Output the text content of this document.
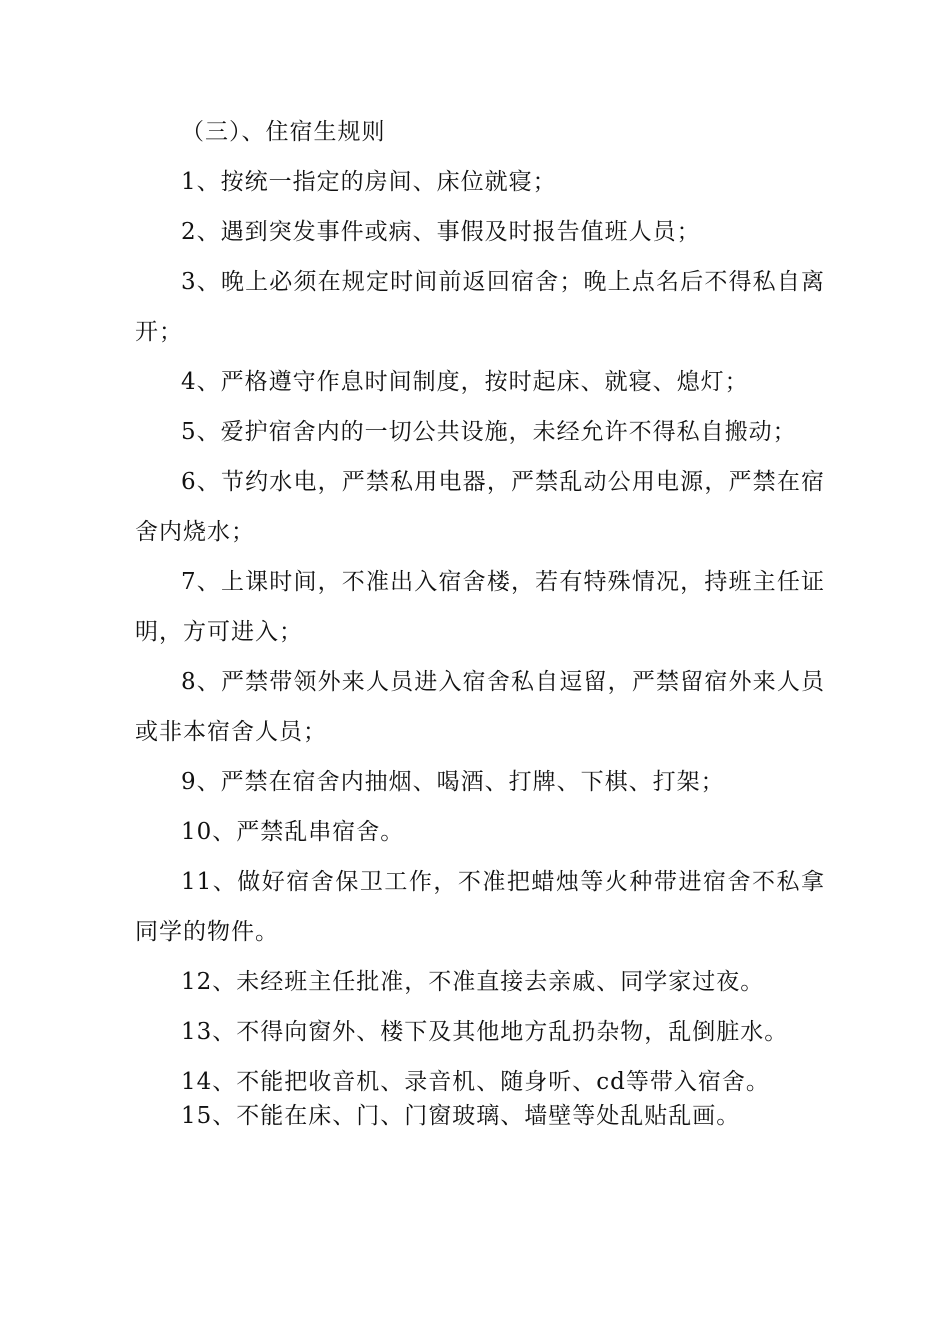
（三）、住宿生规则

1、按统一指定的房间、床位就寝；

2、遇到突发事件或病、事假及时报告值班人员；

3、晚上必须在规定时间前返回宿舍；晚上点名后不得私自离开；

4、严格遵守作息时间制度，按时起床、就寝、熄灯；

5、爱护宿舍内的一切公共设施，未经允许不得私自搬动；

6、节约水电，严禁私用电器，严禁乱动公用电源，严禁在宿舍内烧水；

7、上课时间，不准出入宿舍楼，若有特殊情况，持班主任证明，方可进入；

8、严禁带领外来人员进入宿舍私自逗留，严禁留宿外来人员或非本宿舍人员；

9、严禁在宿舍内抽烟、喝酒、打牌、下棋、打架；

10、严禁乱串宿舍。

11、做好宿舍保卫工作，不准把蜡烛等火种带进宿舍不私拿同学的物件。

12、未经班主任批准，不准直接去亲戚、同学家过夜。

13、不得向窗外、楼下及其他地方乱扔杂物，乱倒脏水。

14、不能把收音机、录音机、随身听、cd等带入宿舍。

15、不能在床、门、门窗玻璃、墙壁等处乱贴乱画。
